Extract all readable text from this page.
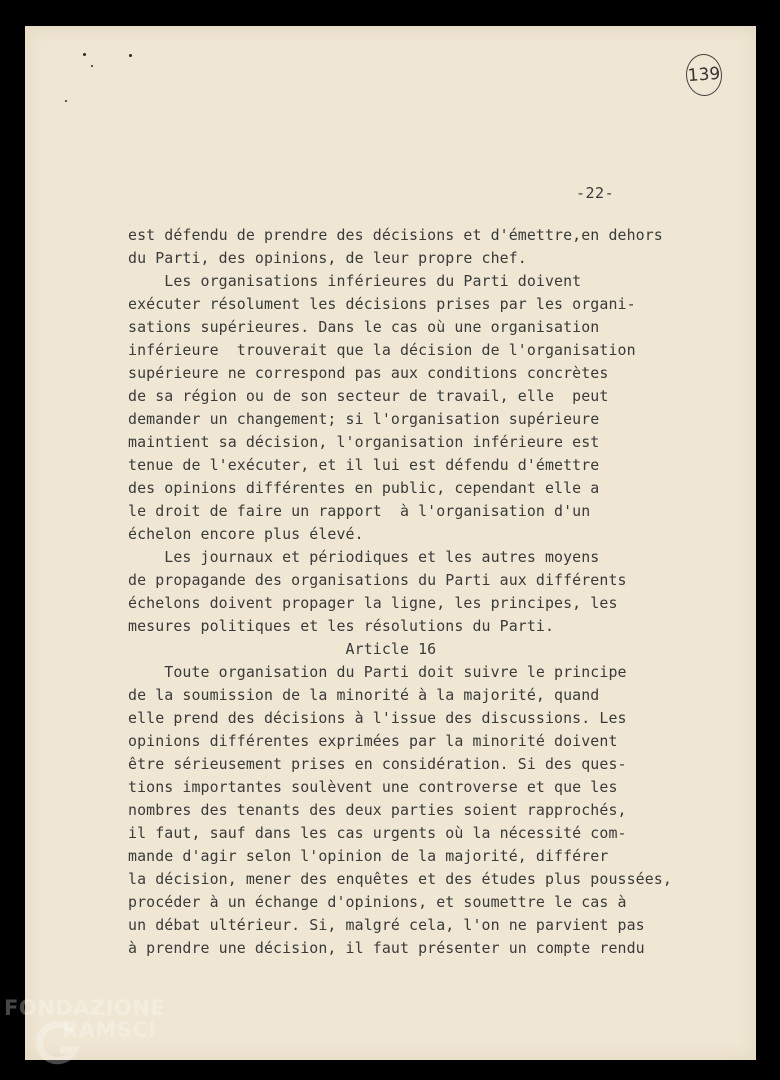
139
-22-
est défendu de prendre des décisions et d'émettre,en dehors
du Parti, des opinions, de leur propre chef.
Les organisations inférieures du Parti doivent
exécuter résolument les décisions prises par les organi-
sations supérieures. Dans le cas où une organisation
inférieure  trouverait que la décision de l'organisation
supérieure ne correspond pas aux conditions concrètes
de sa région ou de son secteur de travail, elle  peut
demander un changement; si l'organisation supérieure
maintient sa décision, l'organisation inférieure est
tenue de l'exécuter, et il lui est défendu d'émettre
des opinions différentes en public, cependant elle a
le droit de faire un rapport  à l'organisation d'un
échelon encore plus élevé.
Les journaux et périodiques et les autres moyens
de propagande des organisations du Parti aux différents
échelons doivent propager la ligne, les principes, les
mesures politiques et les résolutions du Parti.
Article 16
Toute organisation du Parti doit suivre le principe
de la soumission de la minorité à la majorité, quand
elle prend des décisions à l'issue des discussions. Les
opinions différentes exprimées par la minorité doivent
être sérieusement prises en considération. Si des ques-
tions importantes soulèvent une controverse et que les
nombres des tenants des deux parties soient rapprochés,
il faut, sauf dans les cas urgents où la nécessité com-
mande d'agir selon l'opinion de la majorité, différer
la décision, mener des enquêtes et des études plus poussées,
procéder à un échange d'opinions, et soumettre le cas à
un débat ultérieur. Si, malgré cela, l'on ne parvient pas
à prendre une décision, il faut présenter un compte rendu
FONDAZIONE
RAMSCI
